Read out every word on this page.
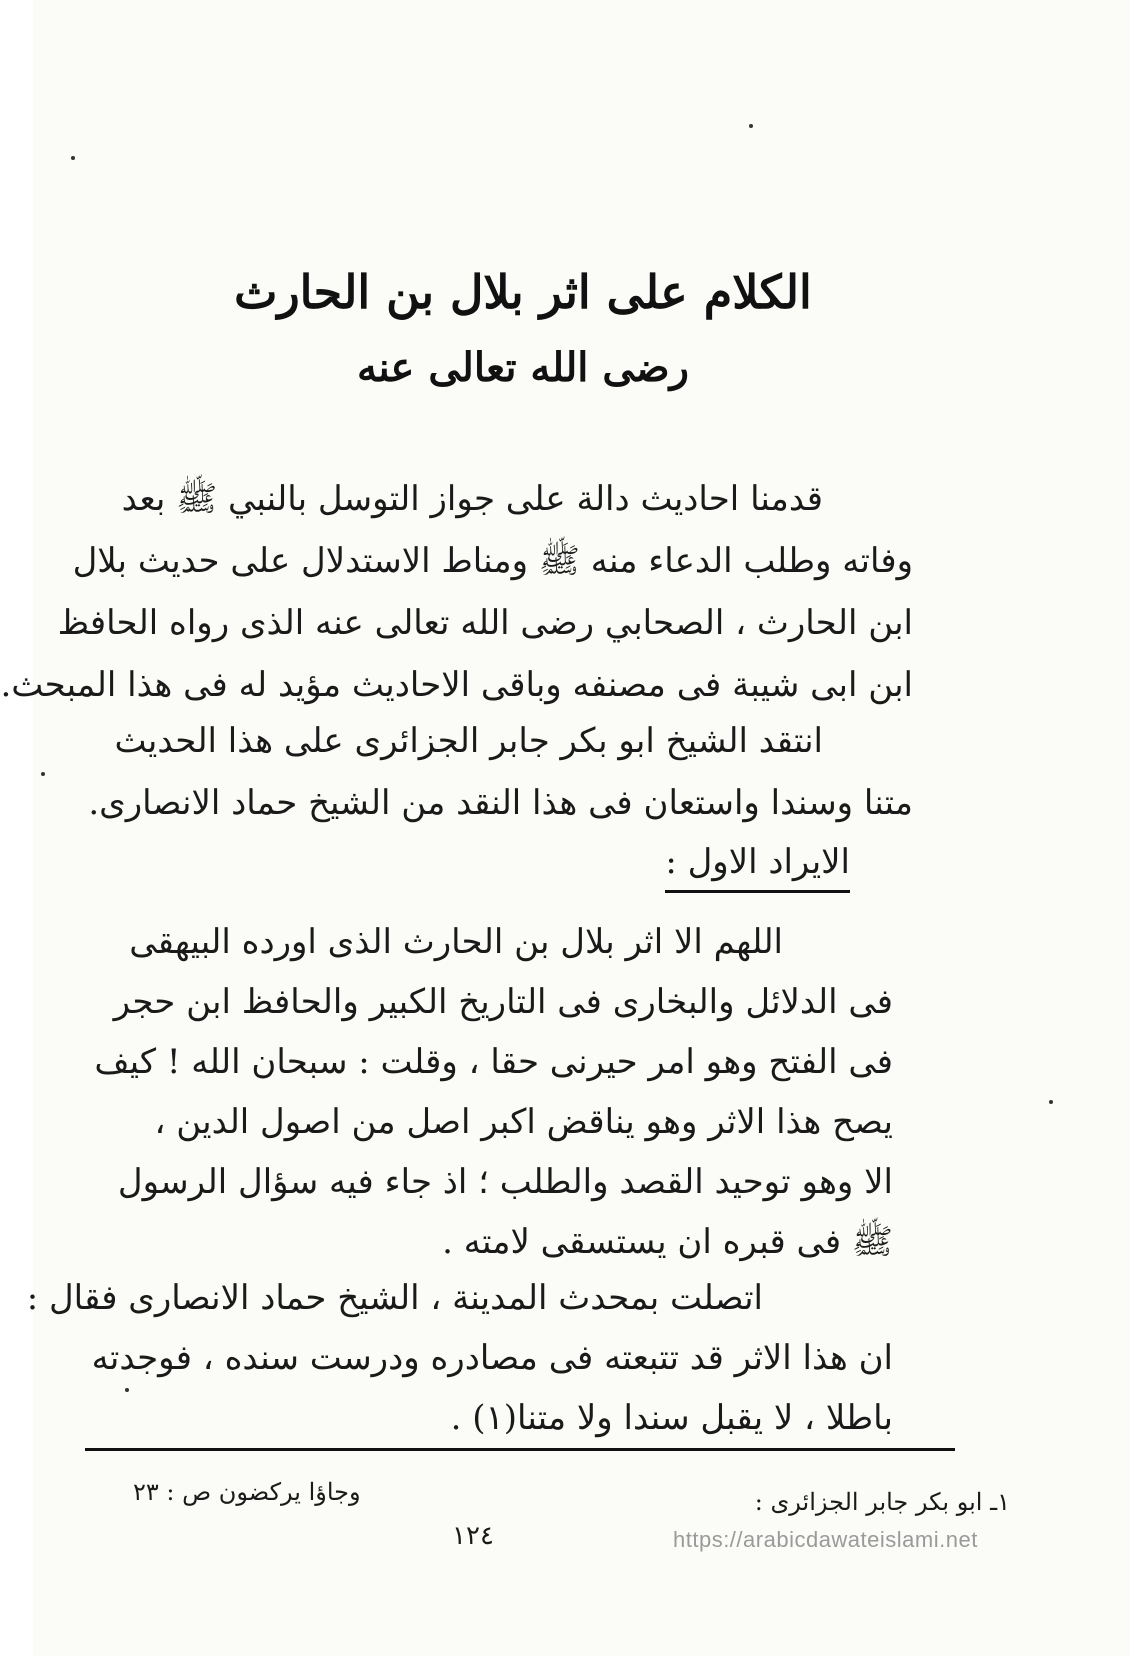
الكلام على اثر بلال بن الحارث
رضى الله تعالى عنه
قدمنا احاديث دالة على جواز التوسل بالنبي ﷺ بعد
وفاته وطلب الدعاء منه ﷺ ومناط الاستدلال على حديث بلال
ابن الحارث ، الصحابي رضى الله تعالى عنه الذى رواه الحافظ
ابن ابى شيبة فى مصنفه وباقى الاحاديث مؤيد له فى هذا المبحث.
انتقد الشيخ ابو بكر جابر الجزائرى على هذا الحديث
متنا وسندا واستعان فى هذا النقد من الشيخ حماد الانصارى.
الايراد الاول :
اللهم الا اثر بلال بن الحارث الذى اورده البيهقى
فى الدلائل والبخارى فى التاريخ الكبير والحافظ ابن حجر
فى الفتح وهو امر حيرنى حقا ، وقلت : سبحان الله ! كيف
يصح هذا الاثر وهو يناقض اكبر اصل من اصول الدين ،
الا وهو توحيد القصد والطلب ؛ اذ جاء فيه سؤال الرسول
ﷺ فى قبره ان يستسقى لامته .
اتصلت بمحدث المدينة ، الشيخ حماد الانصارى فقال :
ان هذا الاثر قد تتبعته فى مصادره ودرست سنده ، فوجدته
باطلا ، لا يقبل سندا ولا متنا(١) .
١ـ ابو بكر جابر الجزائرى :
وجاؤا يركضون ص : ٢٣
١٢٤	https://arabicdawateislami.net
